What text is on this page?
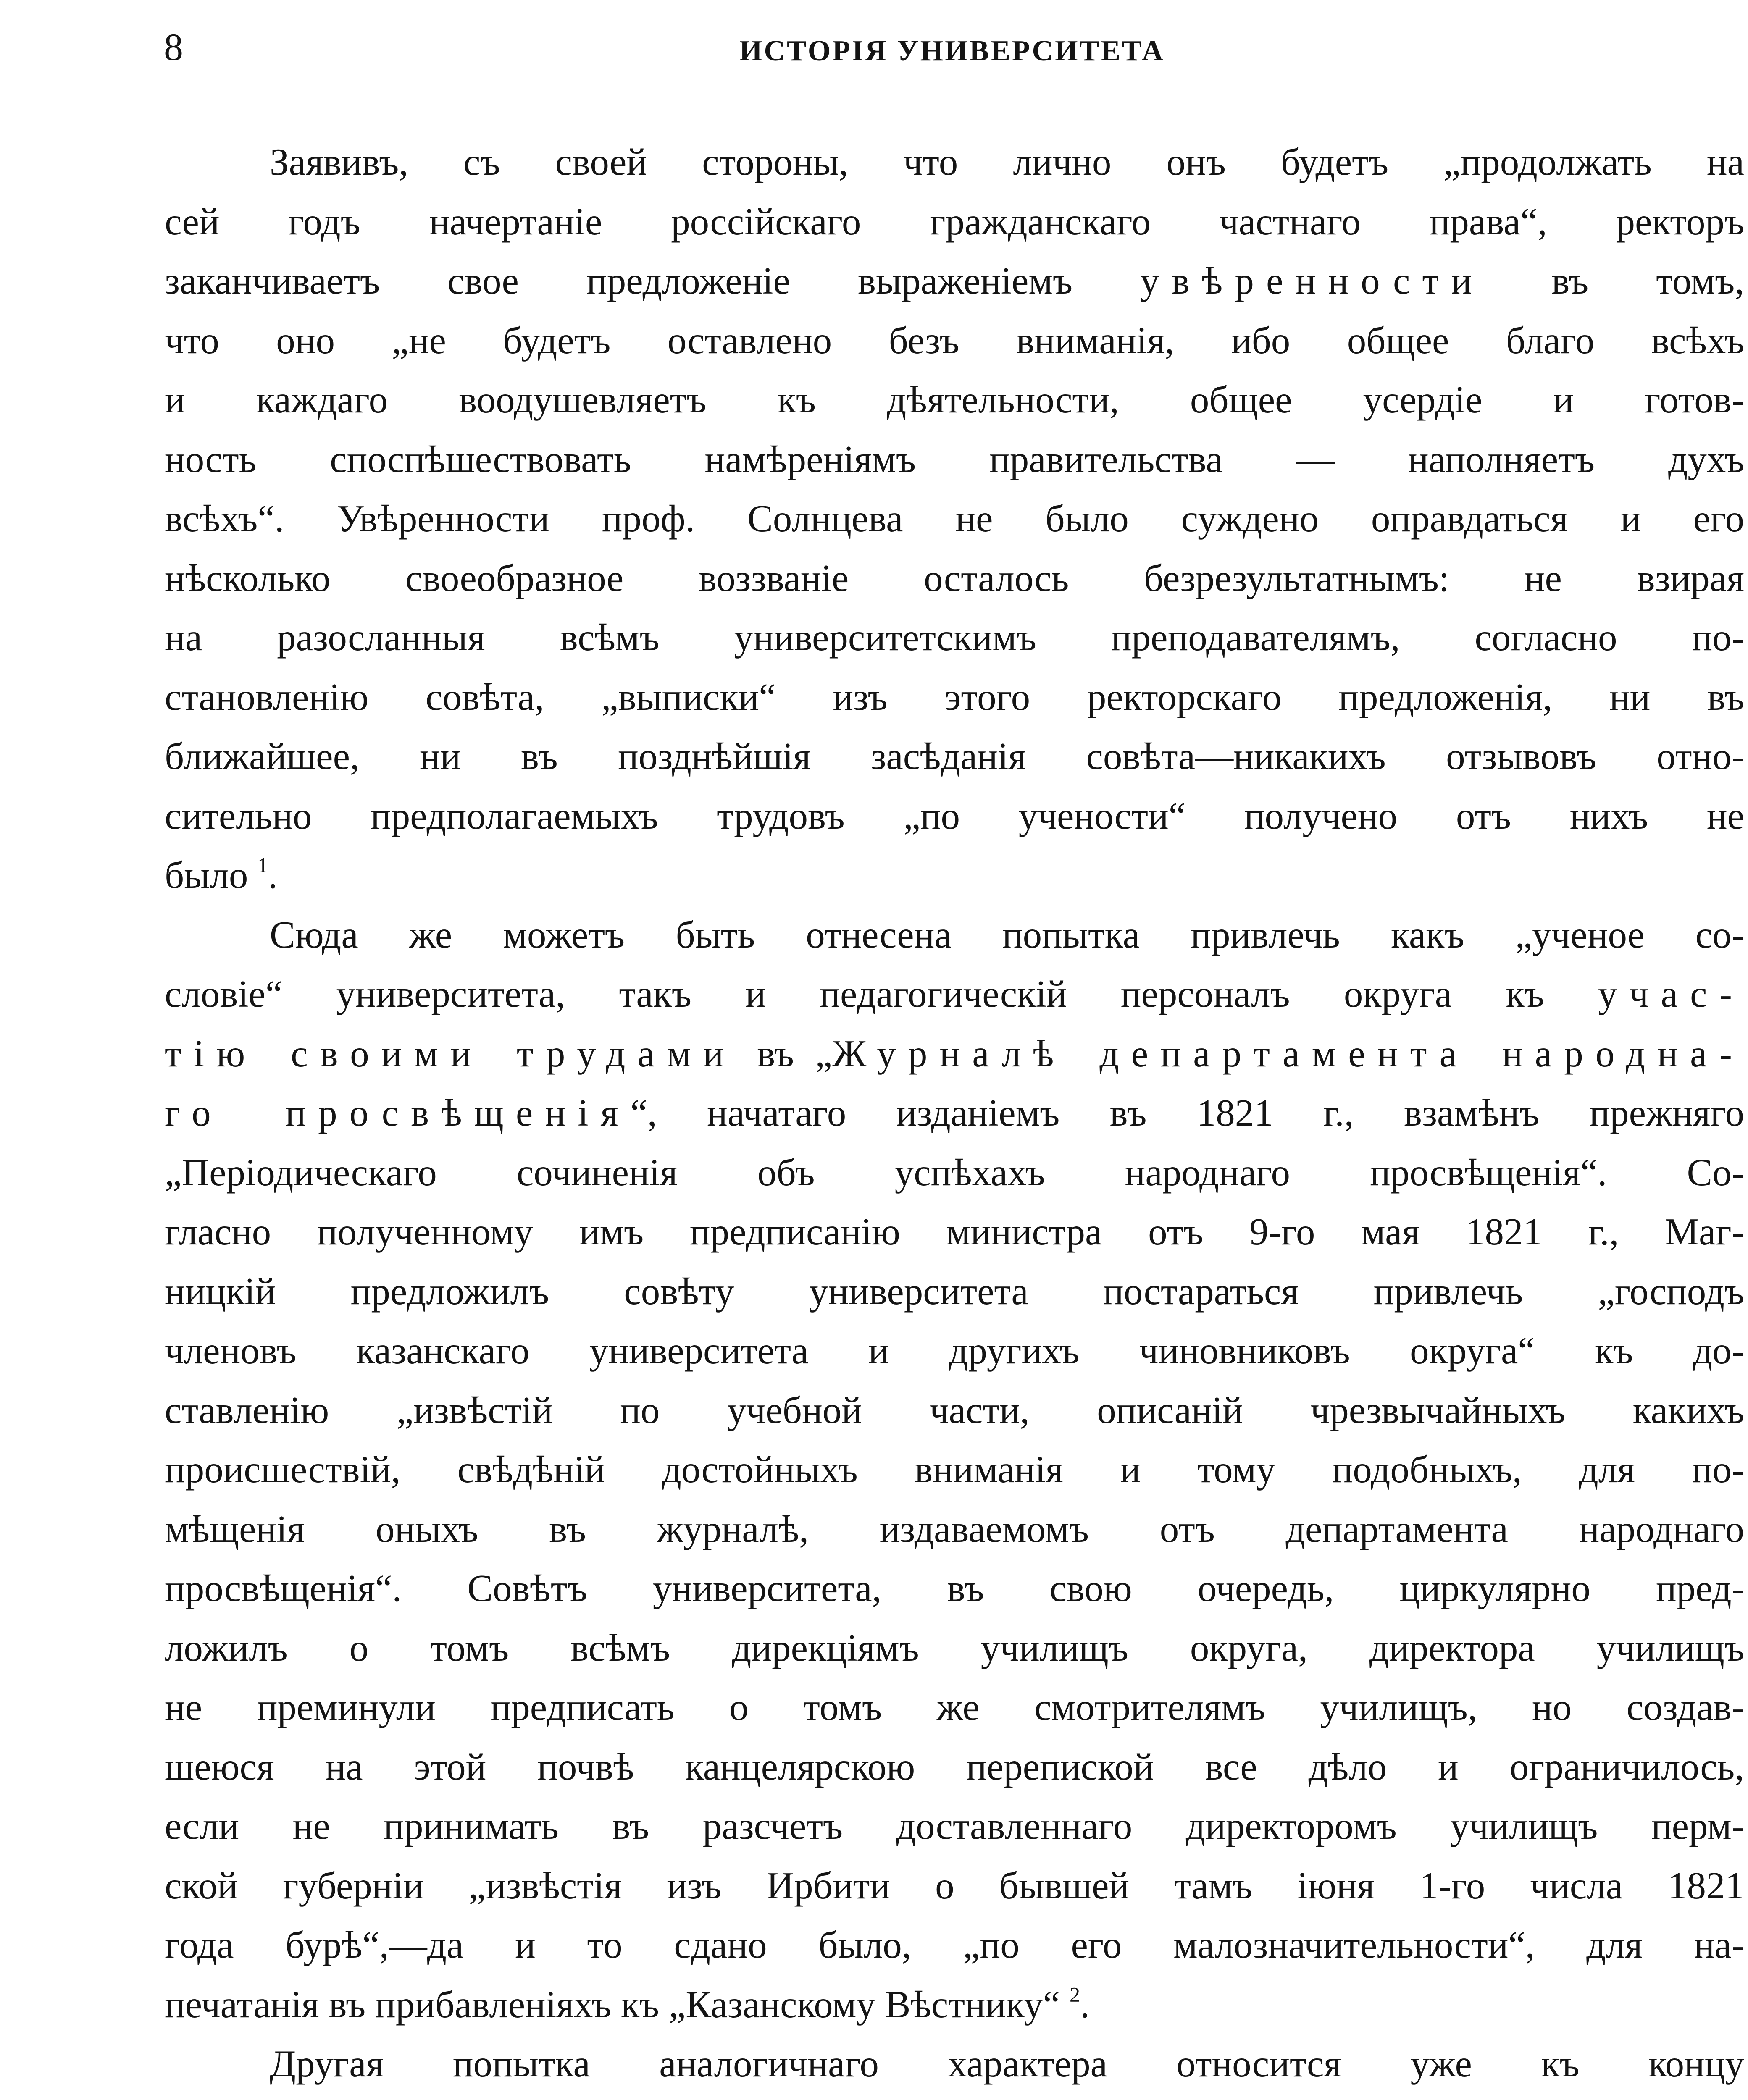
8	ИСТОРІЯ УНИВЕРСИТЕТА
Заявивъ, съ своей стороны, что лично онъ будетъ „продолжать на
сей годъ начертаніе россійскаго гражданскаго частнаго права“, ректоръ
заканчиваетъ свое предложеніе выраженіемъ увѣренности въ томъ,
что оно „не будетъ оставлено безъ вниманія, ибо общее благо всѣхъ
и каждаго воодушевляетъ къ дѣятельности, общее усердіе и готов-
ность споспѣшествовать намѣреніямъ правительства — наполняетъ духъ
всѣхъ“. Увѣренности проф. Солнцева не было суждено оправдаться и его
нѣсколько своеобразное воззваніе осталось безрезультатнымъ: не взирая
на разосланныя всѣмъ университетскимъ преподавателямъ, согласно по-
становленію совѣта, „выписки“ изъ этого ректорскаго предложенія, ни въ
ближайшее, ни въ позднѣйшія засѣданія совѣта—никакихъ отзывовъ отно-
сительно предполагаемыхъ трудовъ „по учености“ получено отъ нихъ не
было $^1$.
Сюда же можетъ быть отнесена попытка привлечь какъ „ученое со-
словіе“ университета, такъ и педагогическій персоналъ округа къ учас-
тію своими трудами въ „Журналѣ департамента народна-
го просвѣщенія“, начатаго изданіемъ въ 1821 г., взамѣнъ прежняго
„Періодическаго сочиненія объ успѣхахъ народнаго просвѣщенія“. Со-
гласно полученному имъ предписанію министра отъ 9-го мая 1821 г., Маг-
ницкій предложилъ совѣту университета постараться привлечь „господъ
членовъ казанскаго университета и другихъ чиновниковъ округа“ къ до-
ставленію „извѣстій по учебной части, описаній чрезвычайныхъ какихъ
происшествій, свѣдѣній достойныхъ вниманія и тому подобныхъ, для по-
мѣщенія оныхъ въ журналѣ, издаваемомъ отъ департамента народнаго
просвѣщенія“. Совѣтъ университета, въ свою очередь, циркулярно пред-
ложилъ о томъ всѣмъ дирекціямъ училищъ округа, директора училищъ
не преминули предписать о томъ же смотрителямъ училищъ, но создав-
шеюся на этой почвѣ канцелярскою перепиской все дѣло и ограничилось,
если не принимать въ разсчетъ доставленнаго директоромъ училищъ перм-
ской губерніи „извѣстія изъ Ирбити о бывшей тамъ іюня 1-го числа 1821
года бурѣ“,—да и то сдано было, „по его малозначительности“, для на-
печатанія въ прибавленіяхъ къ „Казанскому Вѣстнику“ $^2$.
Другая попытка аналогичнаго характера относится уже къ концу
